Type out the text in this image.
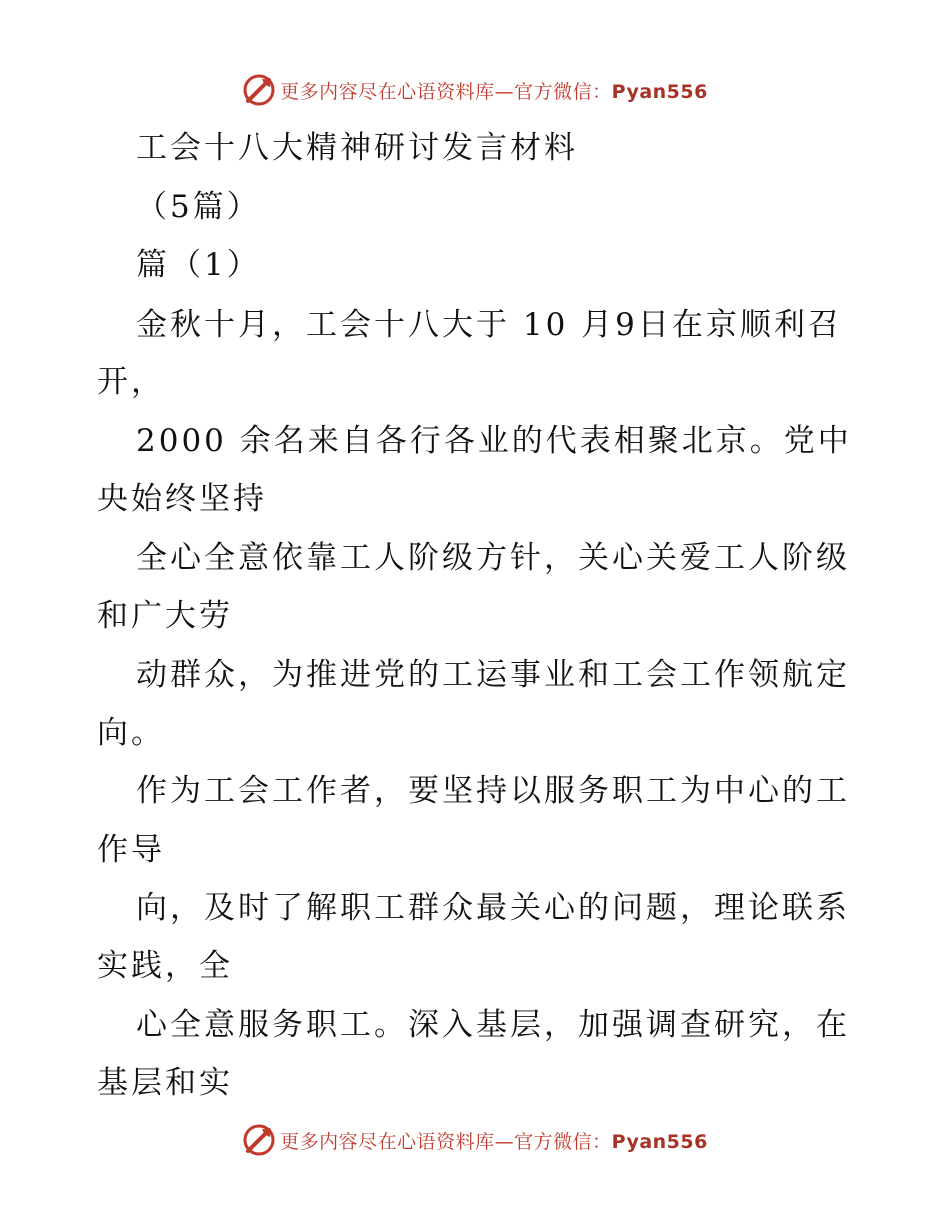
更多内容尽在心语资料库—官方微信：Pyan556
工会十八大精神研讨发言材料
（5篇）
篇（1）
金秋十月，工会十八大于 10 月9日在京顺利召
开，
2000 余名来自各行各业的代表相聚北京。党中
央始终坚持
全心全意依靠工人阶级方针，关心关爱工人阶级
和广大劳
动群众，为推进党的工运事业和工会工作领航定
向。
作为工会工作者，要坚持以服务职工为中心的工
作导
向，及时了解职工群众最关心的问题，理论联系
实践，全
心全意服务职工。深入基层，加强调查研究，在
基层和实
更多内容尽在心语资料库—官方微信：Pyan556
